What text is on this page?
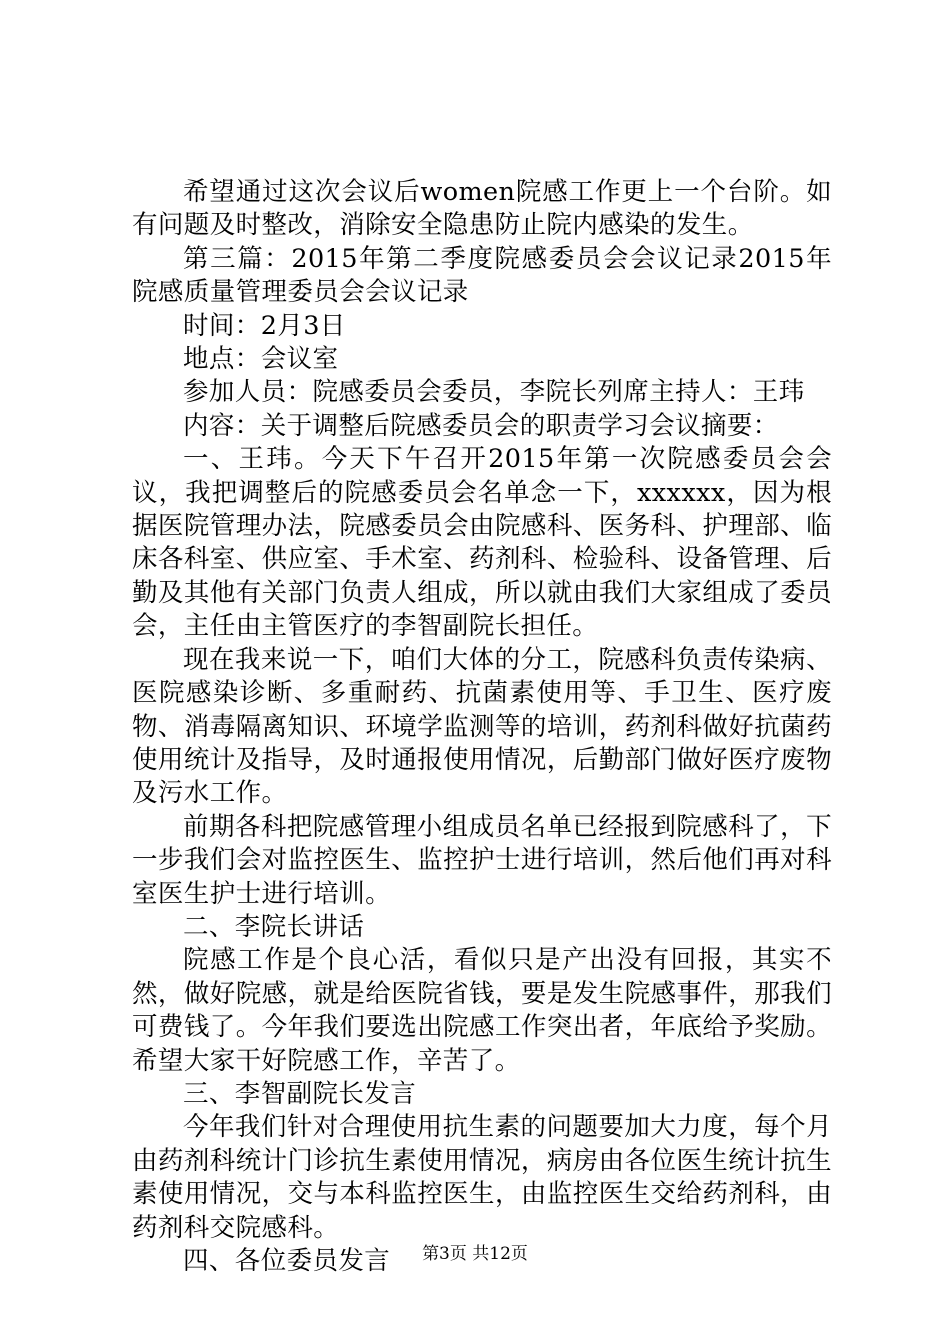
希望通过这次会议后women院感工作更上一个台阶。如有问题及时整改，消除安全隐患防止院内感染的发生。

第三篇：2015年第二季度院感委员会会议记录2015年院感质量管理委员会会议记录

时间：2月3日

地点：会议室

参加人员：院感委员会委员，李院长列席主持人：王玮

内容：关于调整后院感委员会的职责学习会议摘要：

一、王玮。今天下午召开2015年第一次院感委员会会议，我把调整后的院感委员会名单念一下，xxxxxx，因为根据医院管理办法，院感委员会由院感科、医务科、护理部、临床各科室、供应室、手术室、药剂科、检验科、设备管理、后勤及其他有关部门负责人组成，所以就由我们大家组成了委员会，主任由主管医疗的李智副院长担任。

现在我来说一下，咱们大体的分工，院感科负责传染病、医院感染诊断、多重耐药、抗菌素使用等、手卫生、医疗废物、消毒隔离知识、环境学监测等的培训，药剂科做好抗菌药使用统计及指导，及时通报使用情况，后勤部门做好医疗废物及污水工作。

前期各科把院感管理小组成员名单已经报到院感科了，下一步我们会对监控医生、监控护士进行培训，然后他们再对科室医生护士进行培训。

二、李院长讲话

院感工作是个良心活，看似只是产出没有回报，其实不然，做好院感，就是给医院省钱，要是发生院感事件，那我们可费钱了。今年我们要选出院感工作突出者，年底给予奖励。希望大家干好院感工作，辛苦了。

三、李智副院长发言

今年我们针对合理使用抗生素的问题要加大力度，每个月由药剂科统计门诊抗生素使用情况，病房由各位医生统计抗生素使用情况，交与本科监控医生，由监控医生交给药剂科，由药剂科交院感科。

四、各位委员发言	第3页 共12页
